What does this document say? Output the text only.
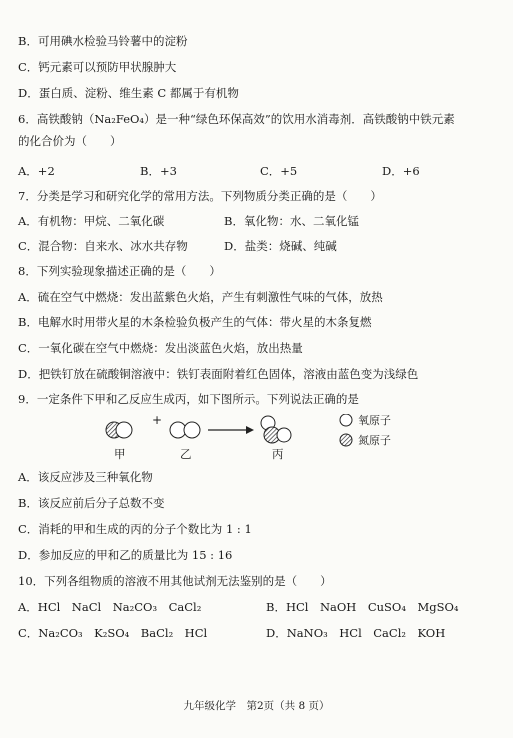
B．可用碘水检验马铃薯中的淀粉
C．钙元素可以预防甲状腺肿大
D．蛋白质、淀粉、维生素 C 都属于有机物
6．高铁酸钠（Na₂FeO₄）是一种“绿色环保高效”的饮用水消毒剂．高铁酸钠中铁元素
的化合价为（　　）
A．+2	B．+3	C．+5	D．+6
7．分类是学习和研究化学的常用方法。下列物质分类正确的是（　　）
A．有机物：甲烷、二氧化碳	B．氧化物：水、二氧化锰
C．混合物：自来水、冰水共存物	D．盐类：烧碱、纯碱
8．下列实验现象描述正确的是（　　）
A．硫在空气中燃烧：发出蓝紫色火焰，产生有刺激性气味的气体，放热
B．电解水时用带火星的木条检验负极产生的气体：带火星的木条复燃
C．一氧化碳在空气中燃烧：发出淡蓝色火焰，放出热量
D．把铁钉放在硫酸铜溶液中：铁钉表面附着红色固体，溶液由蓝色变为浅绿色
9．一定条件下甲和乙反应生成丙，如下图所示。下列说法正确的是
+
甲	乙	丙
氧原子
氮原子
A．该反应涉及三种氧化物
B．该反应前后分子总数不变
C．消耗的甲和生成的丙的分子个数比为 1 : 1
D．参加反应的甲和乙的质量比为 15 : 16
10．下列各组物质的溶液不用其他试剂无法鉴别的是（　　）
A．HCl　NaCl　Na₂CO₃　CaCl₂	B．HCl　NaOH　CuSO₄　MgSO₄
C．Na₂CO₃　K₂SO₄　BaCl₂　HCl	D．NaNO₃　HCl　CaCl₂　KOH
九年级化学　第2页（共 8 页）
